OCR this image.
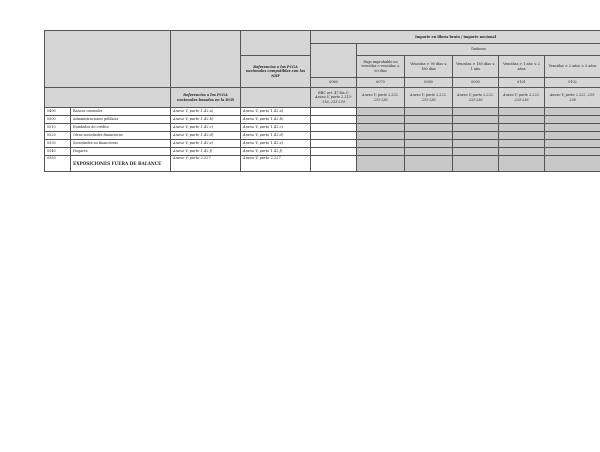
				Importe en libros bruto / importe nocional					
					Dudosos				
			Referencias a los PCGA nacionales compatibles con las NIIF		Pago improbable no vencidas o vencidas ≤ 90 días	Vencidas > 90 días ≤ 180 días	Vencidas > 180 días ≤ 1 año	Vencidas > 1 año ≤ 2 años	Vencidas > 2 años ≤ 5 años
				0060	0070	0080	0090	0101	0102
		Referencias a los PCGA nacionales basadas en la DCB		RBC art. 47 bis.3; Anexo V, parte 2.213-216, 233-239	Anexo V, parte 2.232, 233-236	Anexo V, parte 2.222, 233-236	Anexo V, parte 2.222, 233-236	Anexo V, parte 2.222, 233-236	Anexo V, parte 2.222, 233-236
0490	Bancos centrales	Anexo V, parte 1.42.a)	Anexo V, parte 1.42.a)						
0500	Administraciones públicas	Anexo V, parte 1.42.b)	Anexo V, parte 1.42.b)						
0510	Entidades de crédito	Anexo V, parte 1.42.c)	Anexo V, parte 1.42.c)						
0520	Otras sociedades financieras	Anexo V, parte 1.42.d)	Anexo V, parte 1.42.d)						
0530	Sociedades no financieras	Anexo V, parte 1.42.e)	Anexo V, parte 1.42.e)						
0540	Hogares	Anexo V, parte 1.42.f)	Anexo V, parte 1.42.f)						
0550	EXPOSICIONES FUERA DE BALANCE	Anexo V, parte 2.227	Anexo V, parte 2.227						
